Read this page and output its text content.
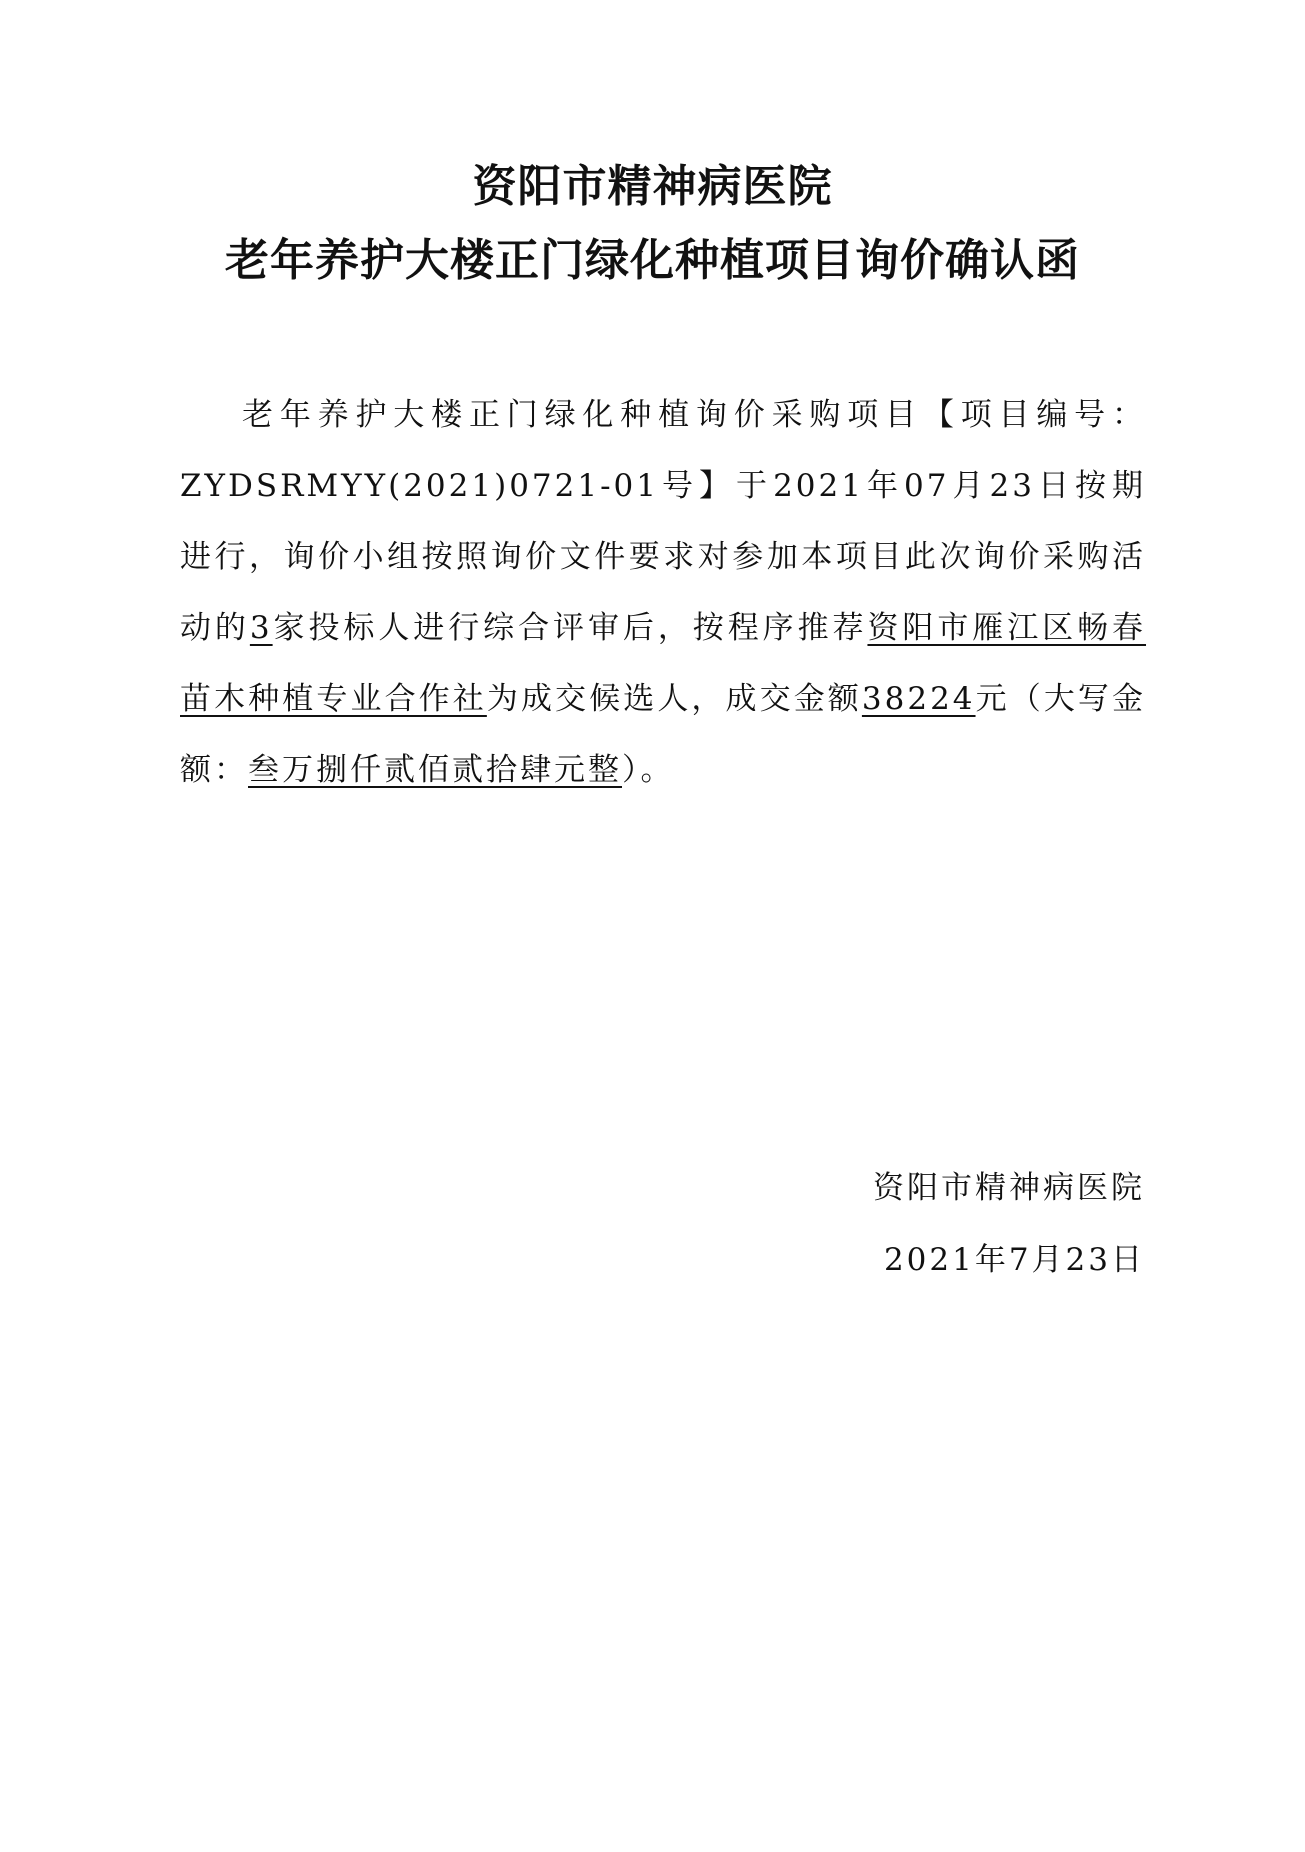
资阳市精神病医院
老年养护大楼正门绿化种植项目询价确认函
老年养护大楼正门绿化种植询价采购项目【项目编号：ZYDSRMYY(2021)0721-01号】于2021年07月23日按期进行，询价小组按照询价文件要求对参加本项目此次询价采购活动的3家投标人进行综合评审后，按程序推荐资阳市雁江区畅春苗木种植专业合作社为成交候选人，成交金额38224元（大写金额：叁万捌仟贰佰贰拾肆元整）。
资阳市精神病医院
2021年7月23日
